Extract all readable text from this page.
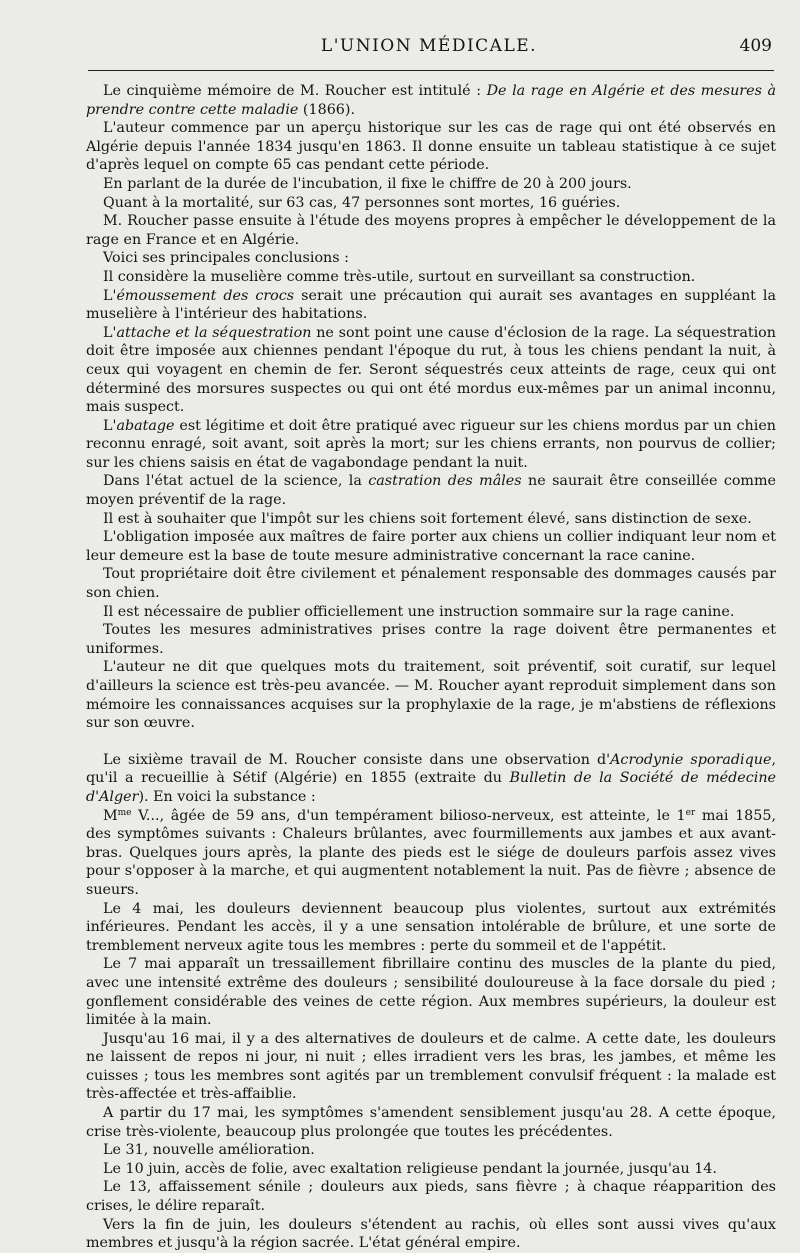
L'UNION MÉDICALE.	409

Le cinquième mémoire de M. Roucher est intitulé : De la rage en Algérie et des mesures à prendre contre cette maladie (1866).

L'auteur commence par un aperçu historique sur les cas de rage qui ont été observés en Algérie depuis l'année 1834 jusqu'en 1863. Il donne ensuite un tableau statistique à ce sujet d'après lequel on compte 65 cas pendant cette période.

En parlant de la durée de l'incubation, il fixe le chiffre de 20 à 200 jours.

Quant à la mortalité, sur 63 cas, 47 personnes sont mortes, 16 guéries.

M. Roucher passe ensuite à l'étude des moyens propres à empêcher le développement de la rage en France et en Algérie.

Voici ses principales conclusions :

Il considère la muselière comme très-utile, surtout en surveillant sa construction.

L'émoussement des crocs serait une précaution qui aurait ses avantages en suppléant la muselière à l'intérieur des habitations.

L'attache et la séquestration ne sont point une cause d'éclosion de la rage. La séquestration doit être imposée aux chiennes pendant l'époque du rut, à tous les chiens pendant la nuit, à ceux qui voyagent en chemin de fer. Seront séquestrés ceux atteints de rage, ceux qui ont déterminé des morsures suspectes ou qui ont été mordus eux-mêmes par un animal inconnu, mais suspect.

L'abatage est légitime et doit être pratiqué avec rigueur sur les chiens mordus par un chien reconnu enragé, soit avant, soit après la mort; sur les chiens errants, non pourvus de collier; sur les chiens saisis en état de vagabondage pendant la nuit.

Dans l'état actuel de la science, la castration des mâles ne saurait être conseillée comme moyen préventif de la rage.

Il est à souhaiter que l'impôt sur les chiens soit fortement élevé, sans distinction de sexe.

L'obligation imposée aux maîtres de faire porter aux chiens un collier indiquant leur nom et leur demeure est la base de toute mesure administrative concernant la race canine.

Tout propriétaire doit être civilement et pénalement responsable des dommages causés par son chien.

Il est nécessaire de publier officiellement une instruction sommaire sur la rage canine.

Toutes les mesures administratives prises contre la rage doivent être permanentes et uniformes.

L'auteur ne dit que quelques mots du traitement, soit préventif, soit curatif, sur lequel d'ailleurs la science est très-peu avancée. — M. Roucher ayant reproduit simplement dans son mémoire les connaissances acquises sur la prophylaxie de la rage, je m'abstiens de réflexions sur son œuvre.

Le sixième travail de M. Roucher consiste dans une observation d'Acrodynie sporadique, qu'il a recueillie à Sétif (Algérie) en 1855 (extraite du Bulletin de la Société de médecine d'Alger). En voici la substance :

$M^{me}$ V..., âgée de 59 ans, d'un tempérament bilioso-nerveux, est atteinte, le 1er mai 1855, des symptômes suivants : Chaleurs brûlantes, avec fourmillements aux jambes et aux avant-bras. Quelques jours après, la plante des pieds est le siége de douleurs parfois assez vives pour s'opposer à la marche, et qui augmentent notablement la nuit. Pas de fièvre ; absence de sueurs.

Le 4 mai, les douleurs deviennent beaucoup plus violentes, surtout aux extrémités inférieures. Pendant les accès, il y a une sensation intolérable de brûlure, et une sorte de tremblement nerveux agite tous les membres : perte du sommeil et de l'appétit.

Le 7 mai apparaît un tressaillement fibrillaire continu des muscles de la plante du pied, avec une intensité extrême des douleurs ; sensibilité douloureuse à la face dorsale du pied ; gonflement considérable des veines de cette région. Aux membres supérieurs, la douleur est limitée à la main.

Jusqu'au 16 mai, il y a des alternatives de douleurs et de calme. A cette date, les douleurs ne laissent de repos ni jour, ni nuit ; elles irradient vers les bras, les jambes, et même les cuisses ; tous les membres sont agités par un tremblement convulsif fréquent : la malade est très-affectée et très-affaiblie.

A partir du 17 mai, les symptômes s'amendent sensiblement jusqu'au 28. A cette époque, crise très-violente, beaucoup plus prolongée que toutes les précédentes.

Le 31, nouvelle amélioration.

Le 10 juin, accès de folie, avec exaltation religieuse pendant la journée, jusqu'au 14.

Le 13, affaissement sénile ; douleurs aux pieds, sans fièvre ; à chaque réapparition des crises, le délire reparaît.

Vers la fin de juin, les douleurs s'étendent au rachis, où elles sont aussi vives qu'aux membres et jusqu'à la région sacrée. L'état général empire.
